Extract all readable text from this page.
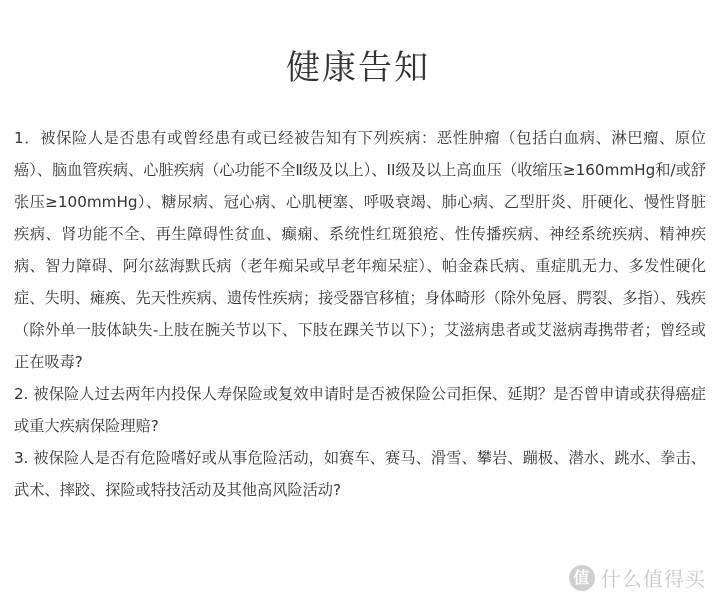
健康告知

1．被保险人是否患有或曾经患有或已经被告知有下列疾病：恶性肿瘤（包括白血病、淋巴瘤、原位癌）、脑血管疾病、心脏疾病（心功能不全Ⅱ级及以上）、II级及以上高血压（收缩压≥160mmHg和/或舒张压≥100mmHg）、糖尿病、冠心病、心肌梗塞、呼吸衰竭、肺心病、乙型肝炎、肝硬化、慢性肾脏疾病、肾功能不全、再生障碍性贫血、癫痫、系统性红斑狼疮、性传播疾病、神经系统疾病、精神疾病、智力障碍、阿尔兹海默氏病（老年痴呆或早老年痴呆症）、帕金森氏病、重症肌无力、多发性硬化症、失明、瘫痪、先天性疾病、遗传性疾病；接受器官移植；身体畸形（除外兔唇、腭裂、多指）、残疾（除外单一肢体缺失-上肢在腕关节以下、下肢在踝关节以下）；艾滋病患者或艾滋病毒携带者；曾经或正在吸毒?

2. 被保险人过去两年内投保人寿保险或复效申请时是否被保险公司拒保、延期？是否曾申请或获得癌症或重大疾病保险理赔?

3. 被保险人是否有危险嗜好或从事危险活动，如赛车、赛马、滑雪、攀岩、蹦极、潜水、跳水、拳击、武术、摔跤、探险或特技活动及其他高风险活动?

值 什么值得买
